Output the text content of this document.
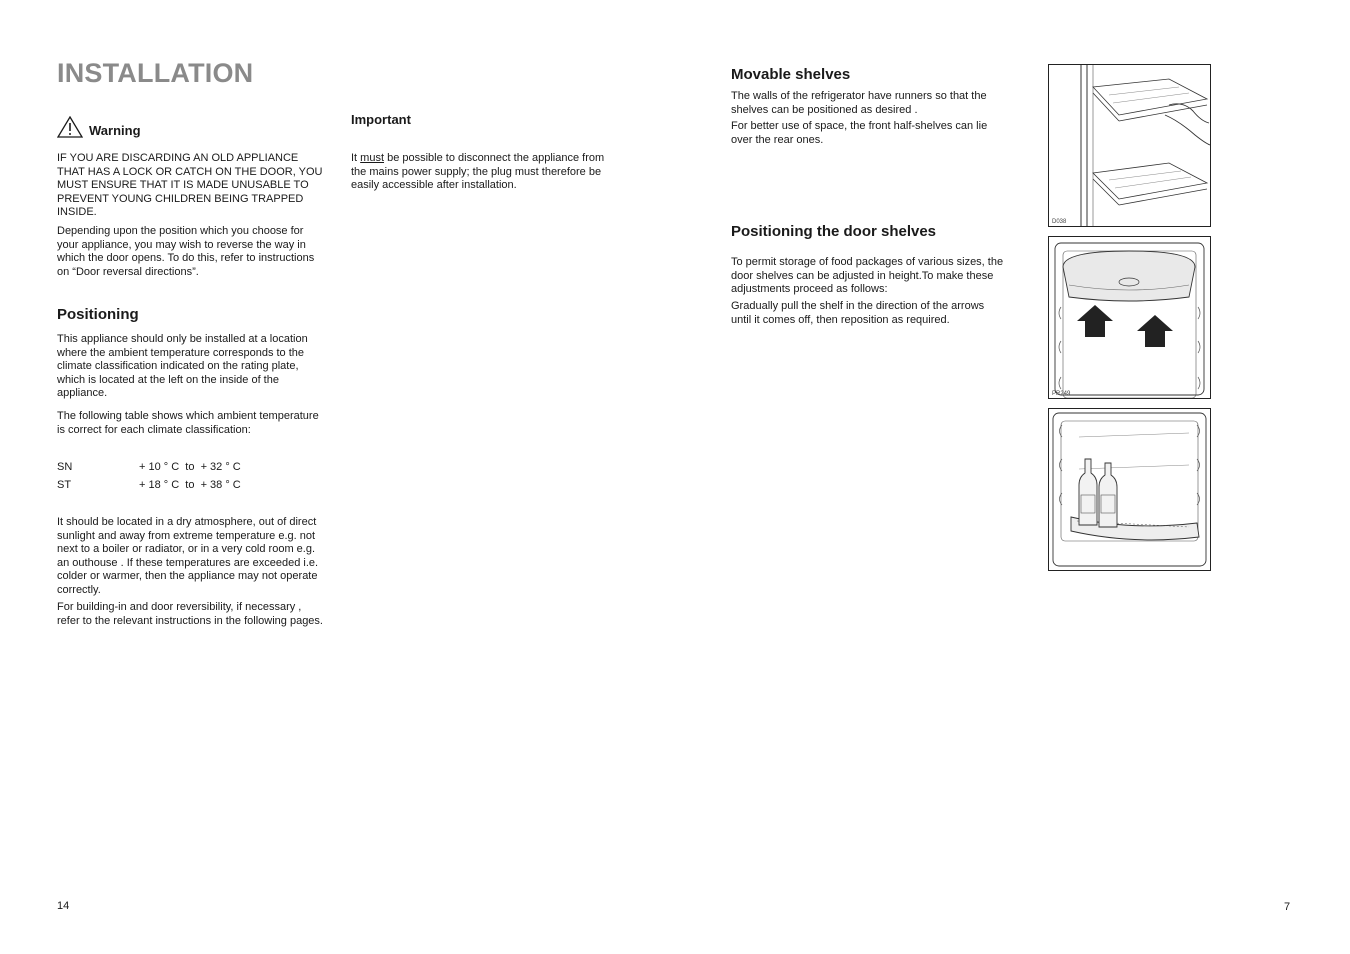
INSTALLATION
Warning

IF YOU ARE DISCARDING AN OLD APPLIANCE THAT HAS A LOCK OR CATCH ON THE DOOR, YOU MUST ENSURE THAT IT IS MADE UNUSABLE TO PREVENT YOUNG CHILDREN BEING TRAPPED INSIDE.

Depending upon the position which you choose for your appliance, you may wish to reverse the way in which the door opens. To do this, refer to instructions on “Door reversal directions”.

Positioning

This appliance should only be installed at a location where the ambient temperature corresponds to the climate classification indicated on the rating plate, which is located at the left on the inside of the appliance.

The following table shows which ambient temperature is correct for each climate classification:

SN	+ 10 ° C  to  + 32 ° C
ST	+ 18 ° C  to  + 38 ° C

It should be located in a dry atmosphere, out of direct sunlight and away from extreme temperature e.g. not next to a boiler or radiator, or in a very cold room e.g. an outhouse . If these temperatures are exceeded i.e. colder or warmer, then the appliance may not operate correctly.

For building-in and door reversibility, if necessary , refer to the relevant instructions in the following pages.

Important

It must be possible to disconnect the appliance from the mains power supply; the plug must therefore be easily accessible after installation.

14
Movable shelves

The walls of the refrigerator have runners so that the shelves can be positioned as desired .

For better use of space, the front half-shelves can lie over the rear ones.

Positioning the door shelves

To permit storage of food packages of various sizes, the door shelves can be adjusted in height.To make these adjustments proceed as follows:

Gradually pull the shelf in the direction of the arrows until it comes off, then reposition as required.

D038
PR249
7
